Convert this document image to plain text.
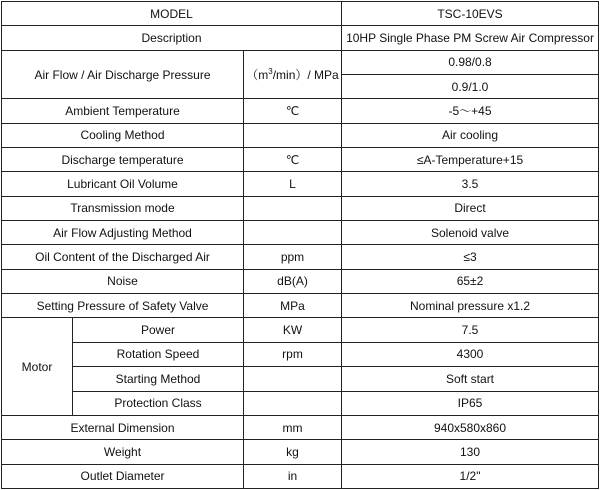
MODEL			TSC-10EVS
Description			10HP Single Phase PM Screw Air Compressor
Air Flow / Air Discharge Pressure		$(m^3/\min)/$ MPa	0.98/0.8
			0.9/1.0
Ambient Temperature		℃	-5～+45
Cooling Method			Air cooling
Discharge temperature		℃	≤A-Temperature+15
Lubricant Oil Volume		L	3.5
Transmission mode			Direct
Air Flow Adjusting Method			Solenoid valve
Oil Content of the Discharged Air		ppm	≤3
Noise		dB(A)	65±2
Setting Pressure of Safety Valve		MPa	Nominal pressure x1.2
Motor	Power	KW	7.5
	Rotation Speed	rpm	4300
	Starting Method		Soft start
	Protection Class		IP65
External Dimension		mm	940x580x860
Weight		kg	130
Outlet Diameter		in	1/2"
